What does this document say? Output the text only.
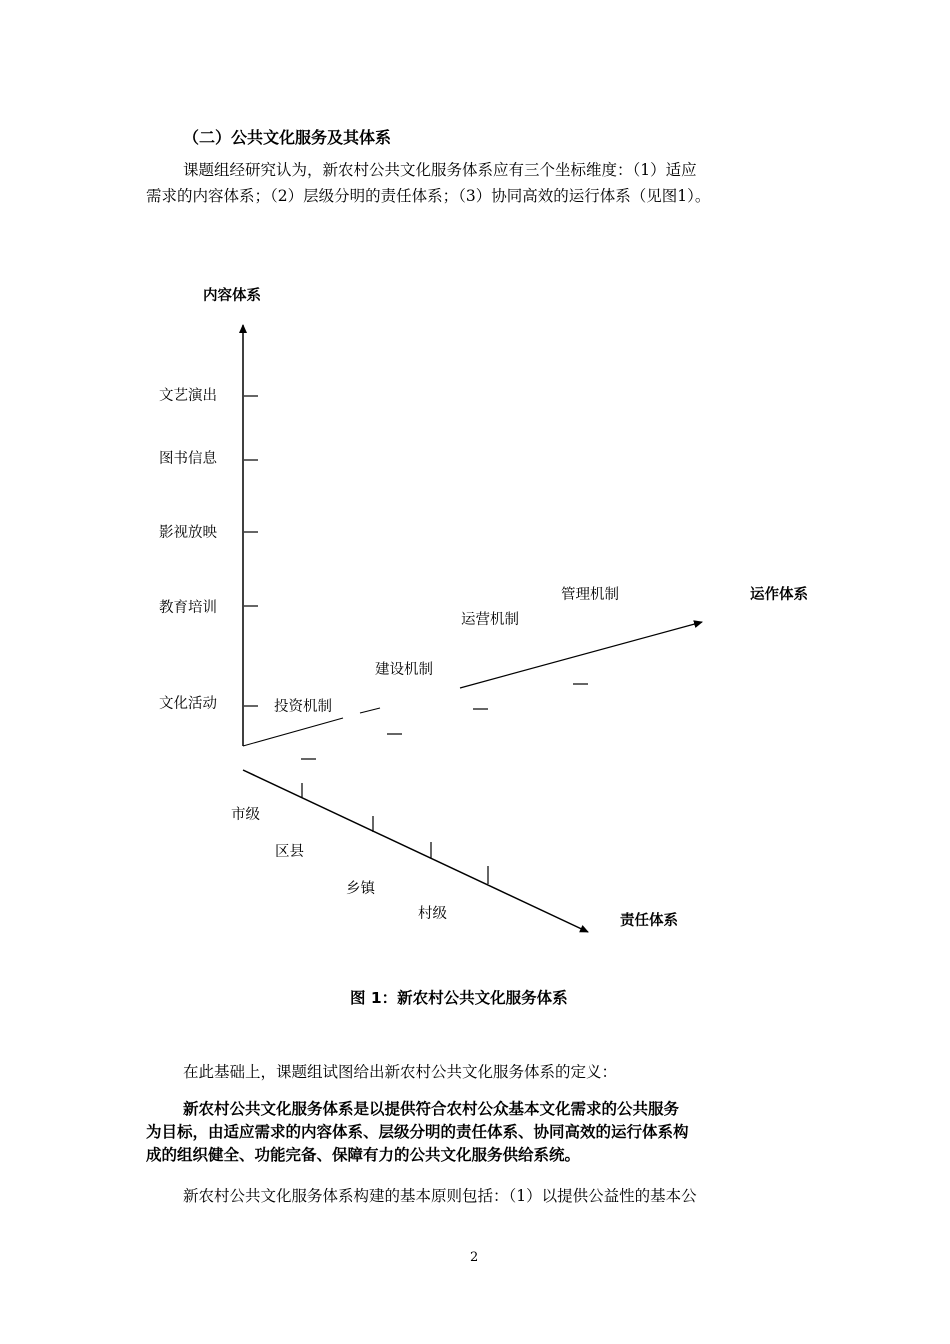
（二）公共文化服务及其体系
课题组经研究认为，新农村公共文化服务体系应有三个坐标维度：（1）适应
需求的内容体系；（2）层级分明的责任体系；（3）协同高效的运行体系（见图1）。
内容体系
文艺演出
图书信息
影视放映
教育培训
文化活动
运作体系
投资机制
建设机制
运营机制
管理机制
责任体系
市级
区县
乡镇
村级
图 1：新农村公共文化服务体系
在此基础上，课题组试图给出新农村公共文化服务体系的定义：
新农村公共文化服务体系是以提供符合农村公众基本文化需求的公共服务
为目标，由适应需求的内容体系、层级分明的责任体系、协同高效的运行体系构
成的组织健全、功能完备、保障有力的公共文化服务供给系统。
新农村公共文化服务体系构建的基本原则包括：（1）以提供公益性的基本公
2
